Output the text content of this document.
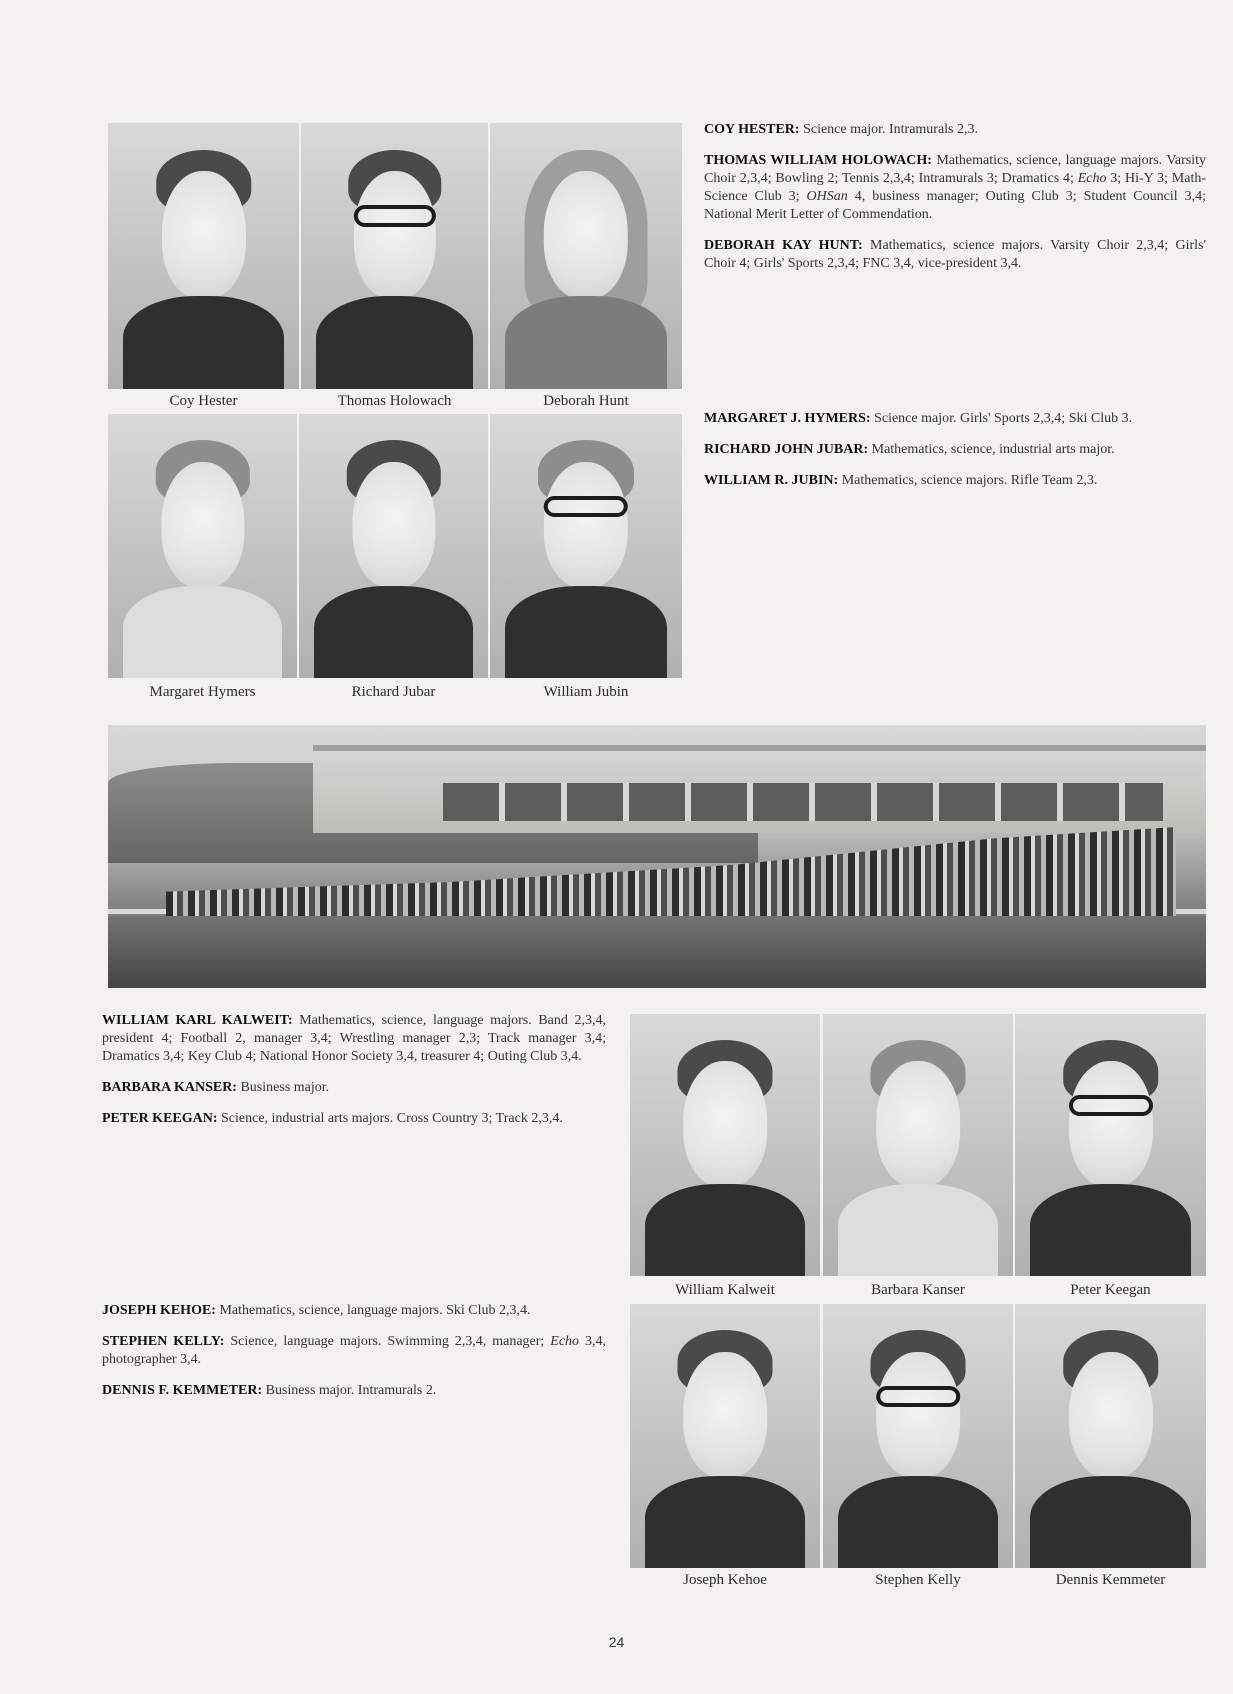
Coy Hester	Thomas Holowach	Deborah Hunt
Margaret Hymers	Richard Jubar	William Jubin

COY HESTER: Science major. Intramurals 2,3.

THOMAS WILLIAM HOLOWACH: Mathematics, science, language majors. Varsity Choir 2,3,4; Bowling 2; Tennis 2,3,4; Intramurals 3; Dramatics 4; Echo 3; Hi-Y 3; Math-Science Club 3; OHSan 4, business manager; Outing Club 3; Student Council 3,4; National Merit Letter of Commendation.

DEBORAH KAY HUNT: Mathematics, science majors. Varsity Choir 2,3,4; Girls' Choir 4; Girls' Sports 2,3,4; FNC 3,4, vice-president 3,4.

MARGARET J. HYMERS: Science major. Girls' Sports 2,3,4; Ski Club 3.

RICHARD JOHN JUBAR: Mathematics, science, industrial arts major.

WILLIAM R. JUBIN: Mathematics, science majors. Rifle Team 2,3.

WILLIAM KARL KALWEIT: Mathematics, science, language majors. Band 2,3,4, president 4; Football 2, manager 3,4; Wrestling manager 2,3; Track manager 3,4; Dramatics 3,4; Key Club 4; National Honor Society 3,4, treasurer 4; Outing Club 3,4.

BARBARA KANSER: Business major.

PETER KEEGAN: Science, industrial arts majors. Cross Country 3; Track 2,3,4.

JOSEPH KEHOE: Mathematics, science, language majors. Ski Club 2,3,4.

STEPHEN KELLY: Science, language majors. Swimming 2,3,4, manager; Echo 3,4, photographer 3,4.

DENNIS F. KEMMETER: Business major. Intramurals 2.

William Kalweit	Barbara Kanser	Peter Keegan
Joseph Kehoe	Stephen Kelly	Dennis Kemmeter
24
